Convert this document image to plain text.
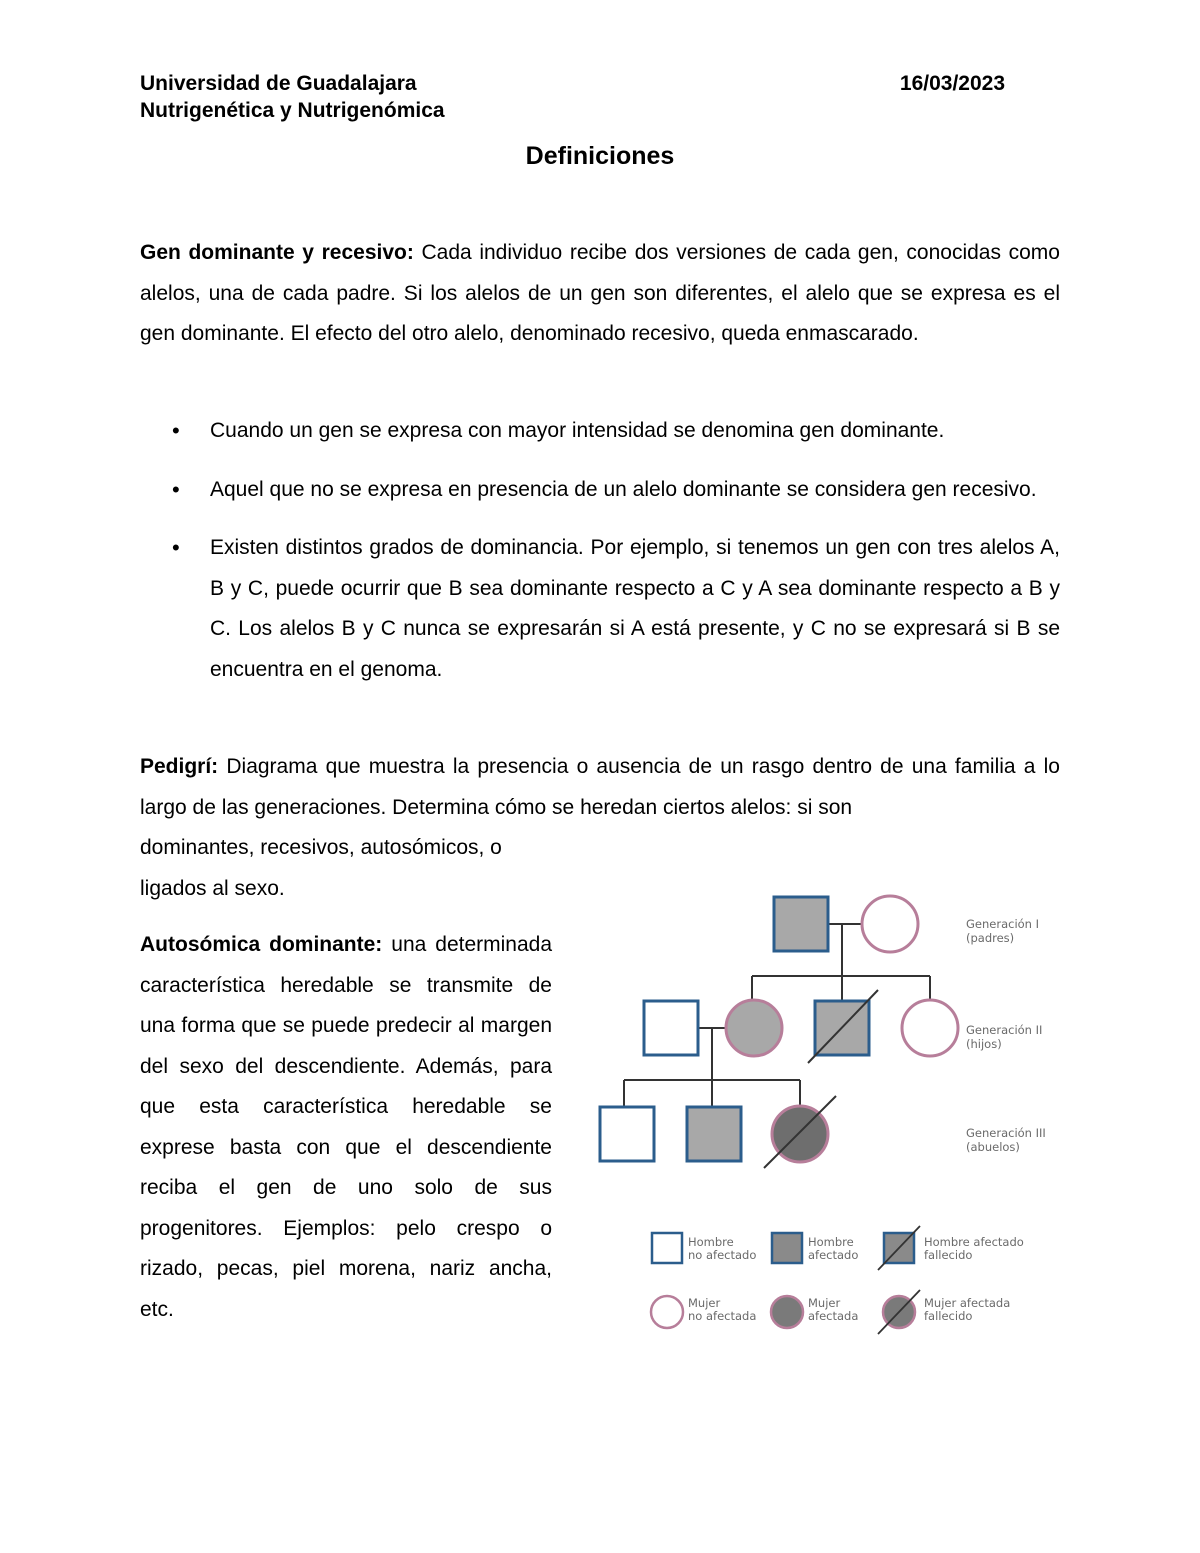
Universidad de Guadalajara
Nutrigenética y Nutrigenómica
16/03/2023
Definiciones

Gen dominante y recesivo: Cada individuo recibe dos versiones de cada gen, conocidas como alelos, una de cada padre. Si los alelos de un gen son diferentes, el alelo que se expresa es el gen dominante. El efecto del otro alelo, denominado recesivo, queda enmascarado.

• Cuando un gen se expresa con mayor intensidad se denomina gen dominante.
• Aquel que no se expresa en presencia de un alelo dominante se considera gen recesivo.
• Existen distintos grados de dominancia. Por ejemplo, si tenemos un gen con tres alelos A, B y C, puede ocurrir que B sea dominante respecto a C y A sea dominante respecto a B y C. Los alelos B y C nunca se expresarán si A está presente, y C no se expresará si B se encuentra en el genoma.

Pedigrí: Diagrama que muestra la presencia o ausencia de un rasgo dentro de una familia a lo largo de las generaciones. Determina cómo se heredan ciertos alelos: si son
dominantes, recesivos, autosómicos, o
ligados al sexo.

Autosómica dominante: una determinada característica heredable se transmite de una forma que se puede predecir al margen del sexo del descendiente. Además, para que esta característica heredable se exprese basta con que el descendiente reciba el gen de uno solo de sus progenitores. Ejemplos: pelo crespo o rizado, pecas, piel morena, nariz ancha, etc.

Generación I
(padres)
Generación II
(hijos)
Generación III
(abuelos)
Hombre
no afectado
Hombre
afectado
Hombre afectado
fallecido
Mujer
no afectada
Mujer
afectada
Mujer afectada
fallecido
